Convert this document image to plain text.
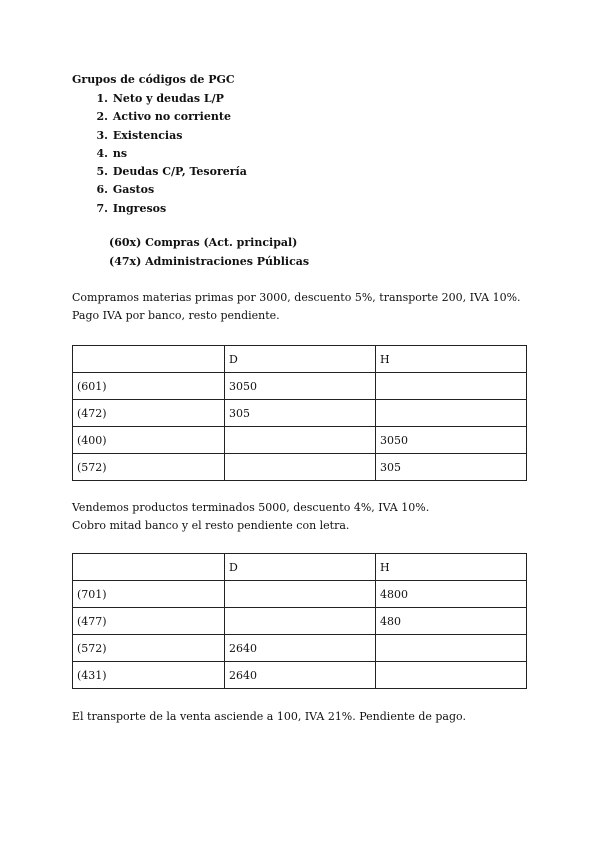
Grupos de códigos de PGC
1. Neto y deudas L/P
2. Activo no corriente
3. Existencias
4. ns
5. Deudas C/P, Tesorería
6. Gastos
7. Ingresos
(60x) Compras (Act. principal)
(47x) Administraciones Públicas
Compramos materias primas por 3000, descuento 5%, transporte 200, IVA 10%.
Pago IVA por banco, resto pendiente.
	D	H
(601)	3050	
(472)	305	
(400)		3050
(572)		305
Vendemos productos terminados 5000, descuento 4%, IVA 10%.
Cobro mitad banco y el resto pendiente con letra.
	D	H
(701)		4800
(477)		480
(572)	2640	
(431)	2640	
El transporte de la venta asciende a 100, IVA 21%. Pendiente de pago.
